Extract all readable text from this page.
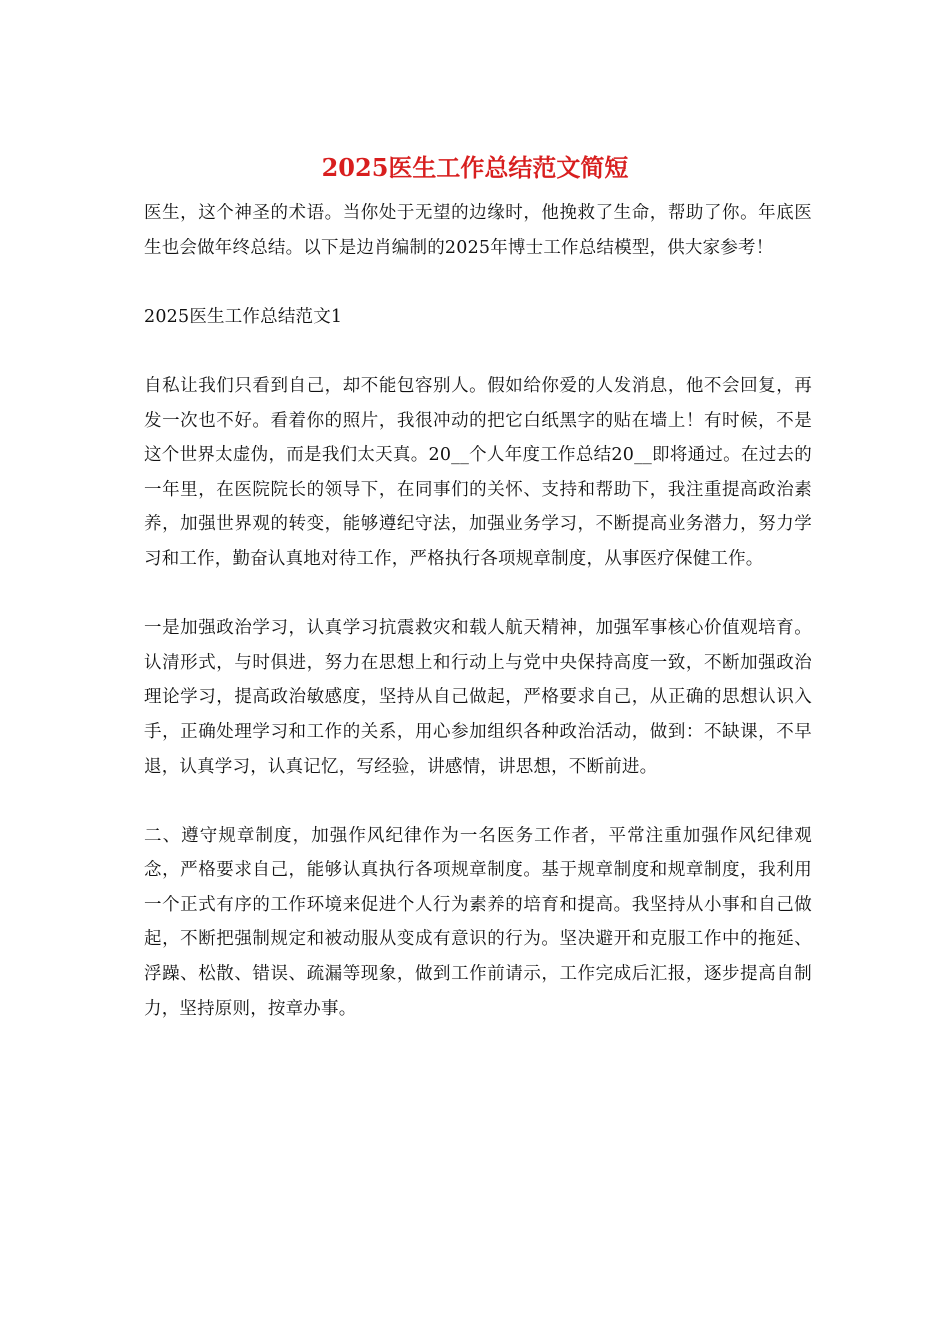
2025医生工作总结范文简短

医生，这个神圣的术语。当你处于无望的边缘时，他挽救了生命，帮助了你。年底医生也会做年终总结。以下是边肖编制的2025年博士工作总结模型，供大家参考！

2025医生工作总结范文1

自私让我们只看到自己，却不能包容别人。假如给你爱的人发消息，他不会回复，再发一次也不好。看着你的照片，我很冲动的把它白纸黑字的贴在墙上！有时候，不是这个世界太虚伪，而是我们太天真。20__个人年度工作总结20__即将通过。在过去的一年里，在医院院长的领导下，在同事们的关怀、支持和帮助下，我注重提高政治素养，加强世界观的转变，能够遵纪守法，加强业务学习，不断提高业务潜力，努力学习和工作，勤奋认真地对待工作，严格执行各项规章制度，从事医疗保健工作。

一是加强政治学习，认真学习抗震救灾和载人航天精神，加强军事核心价值观培育。认清形式，与时俱进，努力在思想上和行动上与党中央保持高度一致，不断加强政治理论学习，提高政治敏感度，坚持从自己做起，严格要求自己，从正确的思想认识入手，正确处理学习和工作的关系，用心参加组织各种政治活动，做到：不缺课，不早退，认真学习，认真记忆，写经验，讲感情，讲思想，不断前进。

二、遵守规章制度，加强作风纪律作为一名医务工作者，平常注重加强作风纪律观念，严格要求自己，能够认真执行各项规章制度。基于规章制度和规章制度，我利用一个正式有序的工作环境来促进个人行为素养的培育和提高。我坚持从小事和自己做起，不断把强制规定和被动服从变成有意识的行为。坚决避开和克服工作中的拖延、浮躁、松散、错误、疏漏等现象，做到工作前请示，工作完成后汇报，逐步提高自制力，坚持原则，按章办事。
